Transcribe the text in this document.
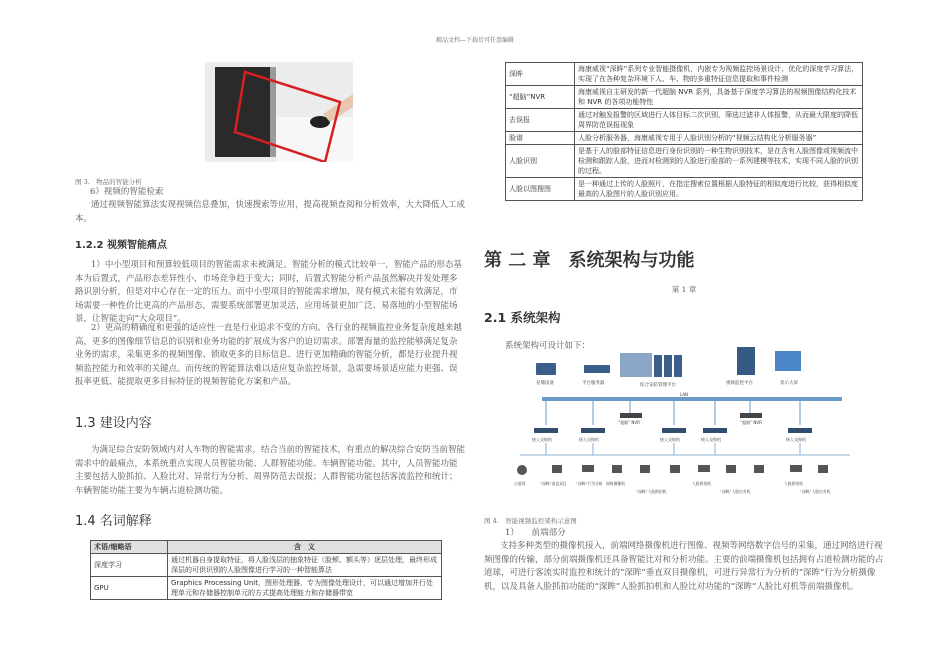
精品文档---下载后可任意编辑
图 3.　物品的智能分析
6）视频的智能检索
通过视频智能算法实现视频信息叠加，快速搜索等应用，提高视频查阅和分析效率，大大降低人工成本。
1.2.2 视频智能痛点
1）中小型项目和预算较低项目的智能需求未被满足。智能分析的模式比较单一，智能产品的形态基本为后置式，产品形态差异性小，市场竞争趋于变大；同时，后置式智能分析产品虽然解决并发处理多路识别分析，但是对中心存在一定的压力。而中小型项目的智能需求增加，现有模式未能有效满足，市场需要一种性价比更高的产品形态，需要系统部署更加灵活，应用场景更加广泛、易落地的小型智能场景，让智能走向“大众项目”。
2）更高的精确度和更强的适应性一直是行业追求不变的方向。各行业的视频监控业务复杂度越来越高，更多的图像细节信息的识别和业务功能的扩展成为客户的迫切需求。部署海量的监控能够满足复杂业务的需求，采集更多的视频图像、锁取更多的目标信息、进行更加精确的智能分析，都是行业提升视频监控能力和效率的关键点。而传统的智能算法难以适应复杂监控场景，急需要场景适应能力更强、误报率更低、能提取更多目标特征的视频智能化方案和产品。
1.3 建设内容
为满足综合安防领域内对人车物的智能需求，结合当前的智能技术，有重点的解决综合安防当前智能需求中的最痛点，本系统重点实现人员智能功能、人群智能功能、车辆智能功能。其中，人员智能功能主要包括人脸抓拍、人脸比对、异常行为分析、周界防范去误报；人群智能功能包括客流监控和统计；车辆智能功能主要为车辆占道检测功能。
1.4 名词解释
术语/缩略语	含　义
深度学习	通过机器自身提取特征，将人脸浅层的抽象特征（脸颊、额头等）逐层处理，最终形成深层的可供识别的人脸图像进行学习的一种智能算法
GPU	Graphics Processing Unit，图形处理器，专为图像处理设计，可以通过增加并行处理单元和存储器控制单元的方式提高处理能力和存储器带宽
深眸	海康威视“深眸”系列专业智能摄像机，内嵌专为视频监控场景设计、优化的深度学习算法，实现了在各种复杂环境下人、车、物的多重特征信息提取和事件检测
“超脑”NVR	海康威视自主研发的新一代超脑 NVR 系列，具备基于深度学习算法的视频图像结构化技术和 NVR 的各项功能特性
去误报	通过对触发报警的区域进行人体目标二次识别，筛选过滤非人体报警，从而最大限度的降低周界防范误报现象
脸谱	人脸分析服务器，海康威视专用于人脸识别分析的“视频云结构化分析服务器”
人脸识别	是基于人的脸部特征信息进行身份识别的一种生物识别技术，是在含有人脸图像或视频流中检测和跟踪人脸，进而对检测到的人脸进行脸部的一系列建模等技术，实现不同人脸的识别的过程。
人脸以图搜图	是一种通过上传的人脸照片，在指定搜索位置根据人脸特征的相似度进行比较，获得相似度最高的人脸图片的人脸识别应用。
第 二 章　系统架构与功能
第 1 章
2.1 系统架构
系统架构可设计如下：
存储设备	平台服务器	综合安防管理平台	视频监控平台	显示大屏
LAN
“超脑” NVR	“超脑” NVR
接入交换机	接入交换机	接入交换机	接入交换机	接入交换机
占道球	“深眸”垂直双目 “深眸”行为分析 网络摄像机
“深眸”人脸抓拍机
人脸抓拍机
“深眸”人脸比对机
人脸抓拍机
“深眸”人脸比对机
图 4.　智能视频监控架构示意图
1）　　前端部分
支持多种类型的摄像机接入，前端网络摄像机进行图像、视频等网络数字信号的采集，通过网络进行视频图像的传输，部分前端摄像机还具备智能比对和分析功能。主要的前端摄像机包括拥有占道检测功能的占道球，可进行客流实时监控和统计的“深眸”垂直双目摄像机，可进行异常行为分析的“深眸”行为分析摄像机，以及具备人脸抓拍功能的“深眸”人脸抓拍机和人脸比对功能的“深眸”人脸比对机等前端摄像机。
